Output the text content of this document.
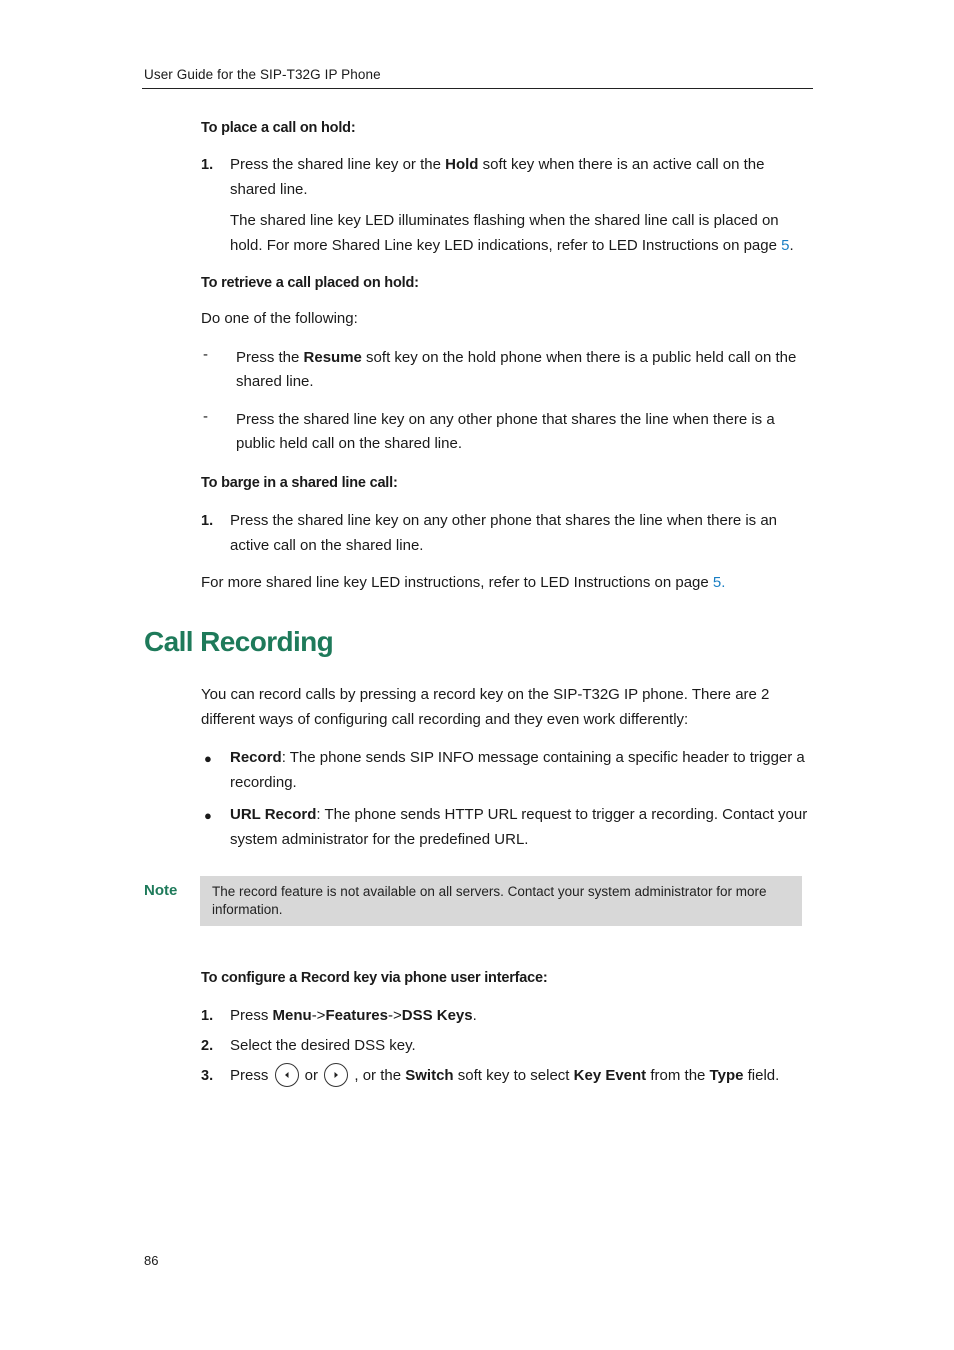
User Guide for the SIP-T32G IP Phone
To place a call on hold:
1. Press the shared line key or the Hold soft key when there is an active call on the shared line.
The shared line key LED illuminates flashing when the shared line call is placed on hold. For more Shared Line key LED indications, refer to LED Instructions on page 5.
To retrieve a call placed on hold:
Do one of the following:
- Press the Resume soft key on the hold phone when there is a public held call on the shared line.
- Press the shared line key on any other phone that shares the line when there is a public held call on the shared line.
To barge in a shared line call:
1. Press the shared line key on any other phone that shares the line when there is an active call on the shared line.
For more shared line key LED instructions, refer to LED Instructions on page 5.
Call Recording
You can record calls by pressing a record key on the SIP-T32G IP phone. There are 2 different ways of configuring call recording and they even work differently:
● Record: The phone sends SIP INFO message containing a specific header to trigger a recording.
● URL Record: The phone sends HTTP URL request to trigger a recording. Contact your system administrator for the predefined URL.
Note	The record feature is not available on all servers. Contact your system administrator for more information.
To configure a Record key via phone user interface:
1. Press Menu->Features->DSS Keys.
2. Select the desired DSS key.
3. Press
or
, or the Switch soft key to select Key Event from the Type field.
86
